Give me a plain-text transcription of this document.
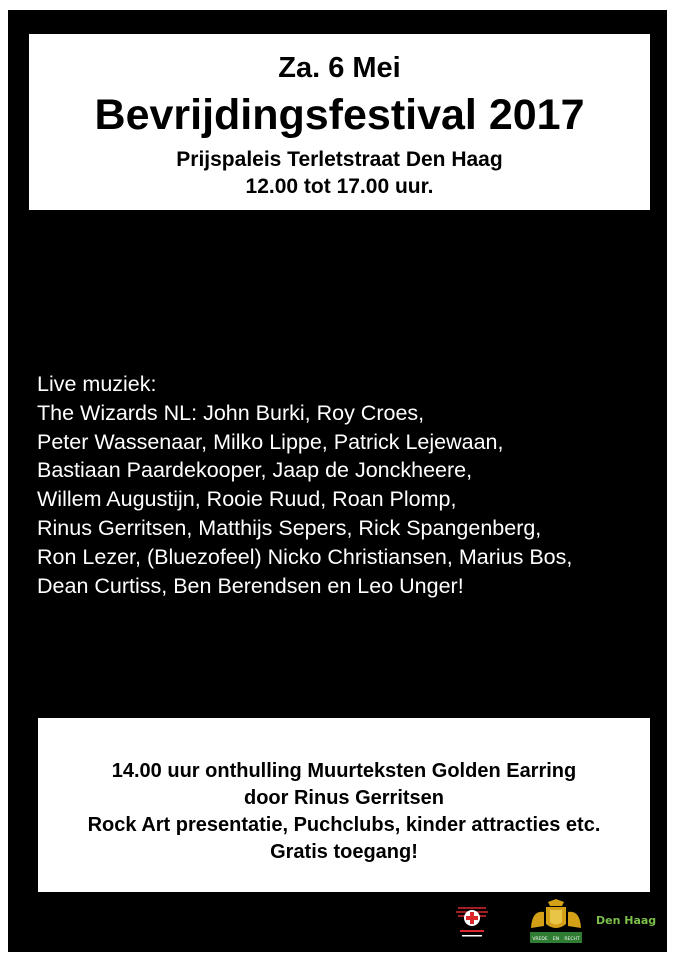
Za. 6 Mei
Bevrijdingsfestival 2017
Prijspaleis Terletstraat Den Haag
12.00 tot 17.00 uur.
Live muziek:
The Wizards NL: John Burki, Roy Croes,
Peter Wassenaar, Milko Lippe, Patrick Lejewaan,
Bastiaan Paardekooper, Jaap de Jonckheere,
Willem Augustijn, Rooie Ruud, Roan Plomp,
Rinus Gerritsen, Matthijs Sepers, Rick Spangenberg,
Ron Lezer, (Bluezofeel) Nicko Christiansen, Marius Bos,
Dean Curtiss, Ben Berendsen en Leo Unger!
14.00 uur onthulling Muurteksten Golden Earring
door Rinus Gerritsen
Rock Art presentatie, Puchclubs, kinder attracties etc.
Gratis toegang!
VREDE EN RECHT
Den Haag
